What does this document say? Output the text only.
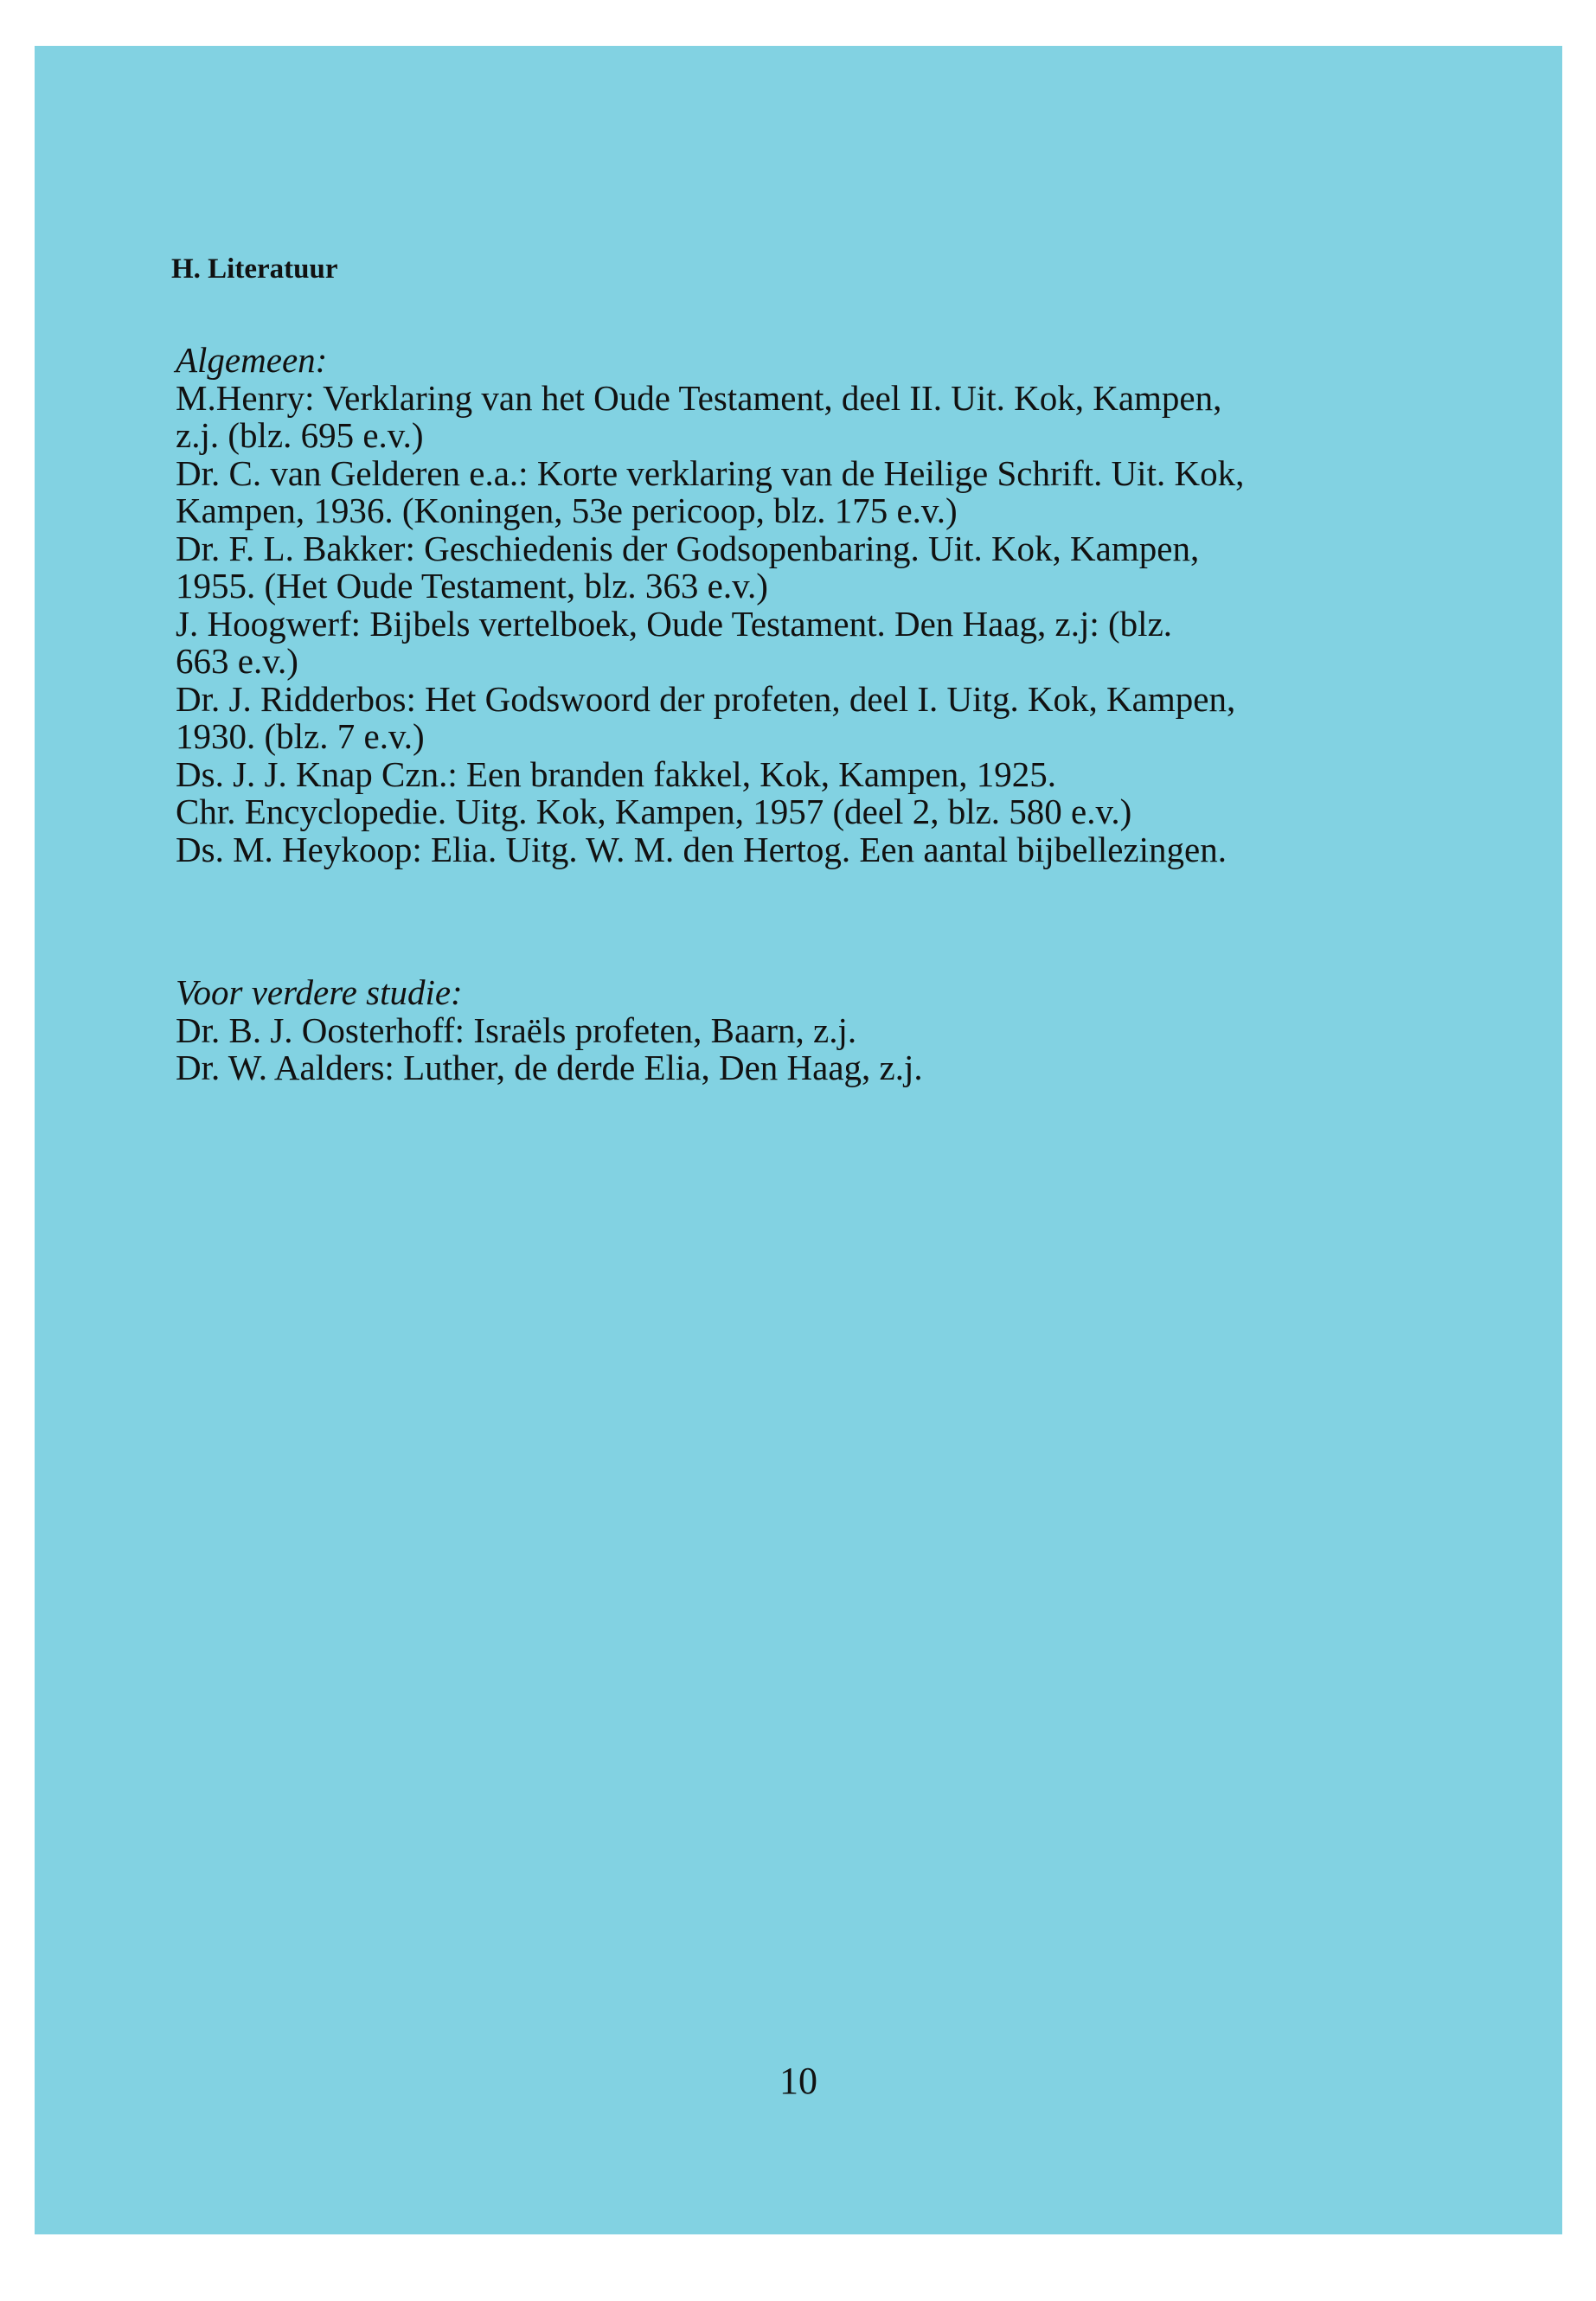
H. Literatuur

Algemeen:

M.Henry: Verklaring van het Oude Testament, deel II. Uit. Kok, Kampen,
z.j. (blz. 695 e.v.)

Dr. C. van Gelderen e.a.: Korte verklaring van de Heilige Schrift. Uit. Kok,
Kampen, 1936. (Koningen, 53e pericoop, blz. 175 e.v.)

Dr. F. L. Bakker: Geschiedenis der Godsopenbaring. Uit. Kok, Kampen,
1955. (Het Oude Testament, blz. 363 e.v.)

J. Hoogwerf: Bijbels vertelboek, Oude Testament. Den Haag, z.j: (blz.
663 e.v.)

Dr. J. Ridderbos: Het Godswoord der profeten, deel I. Uitg. Kok, Kampen,
1930. (blz. 7 e.v.)

Ds. J. J. Knap Czn.: Een branden fakkel, Kok, Kampen, 1925.

Chr. Encyclopedie. Uitg. Kok, Kampen, 1957 (deel 2, blz. 580 e.v.)

Ds. M. Heykoop: Elia. Uitg. W. M. den Hertog. Een aantal bijbellezingen.

Voor verdere studie:

Dr. B. J. Oosterhoff: Israëls profeten, Baarn, z.j.

Dr. W. Aalders: Luther, de derde Elia, Den Haag, z.j.

10
